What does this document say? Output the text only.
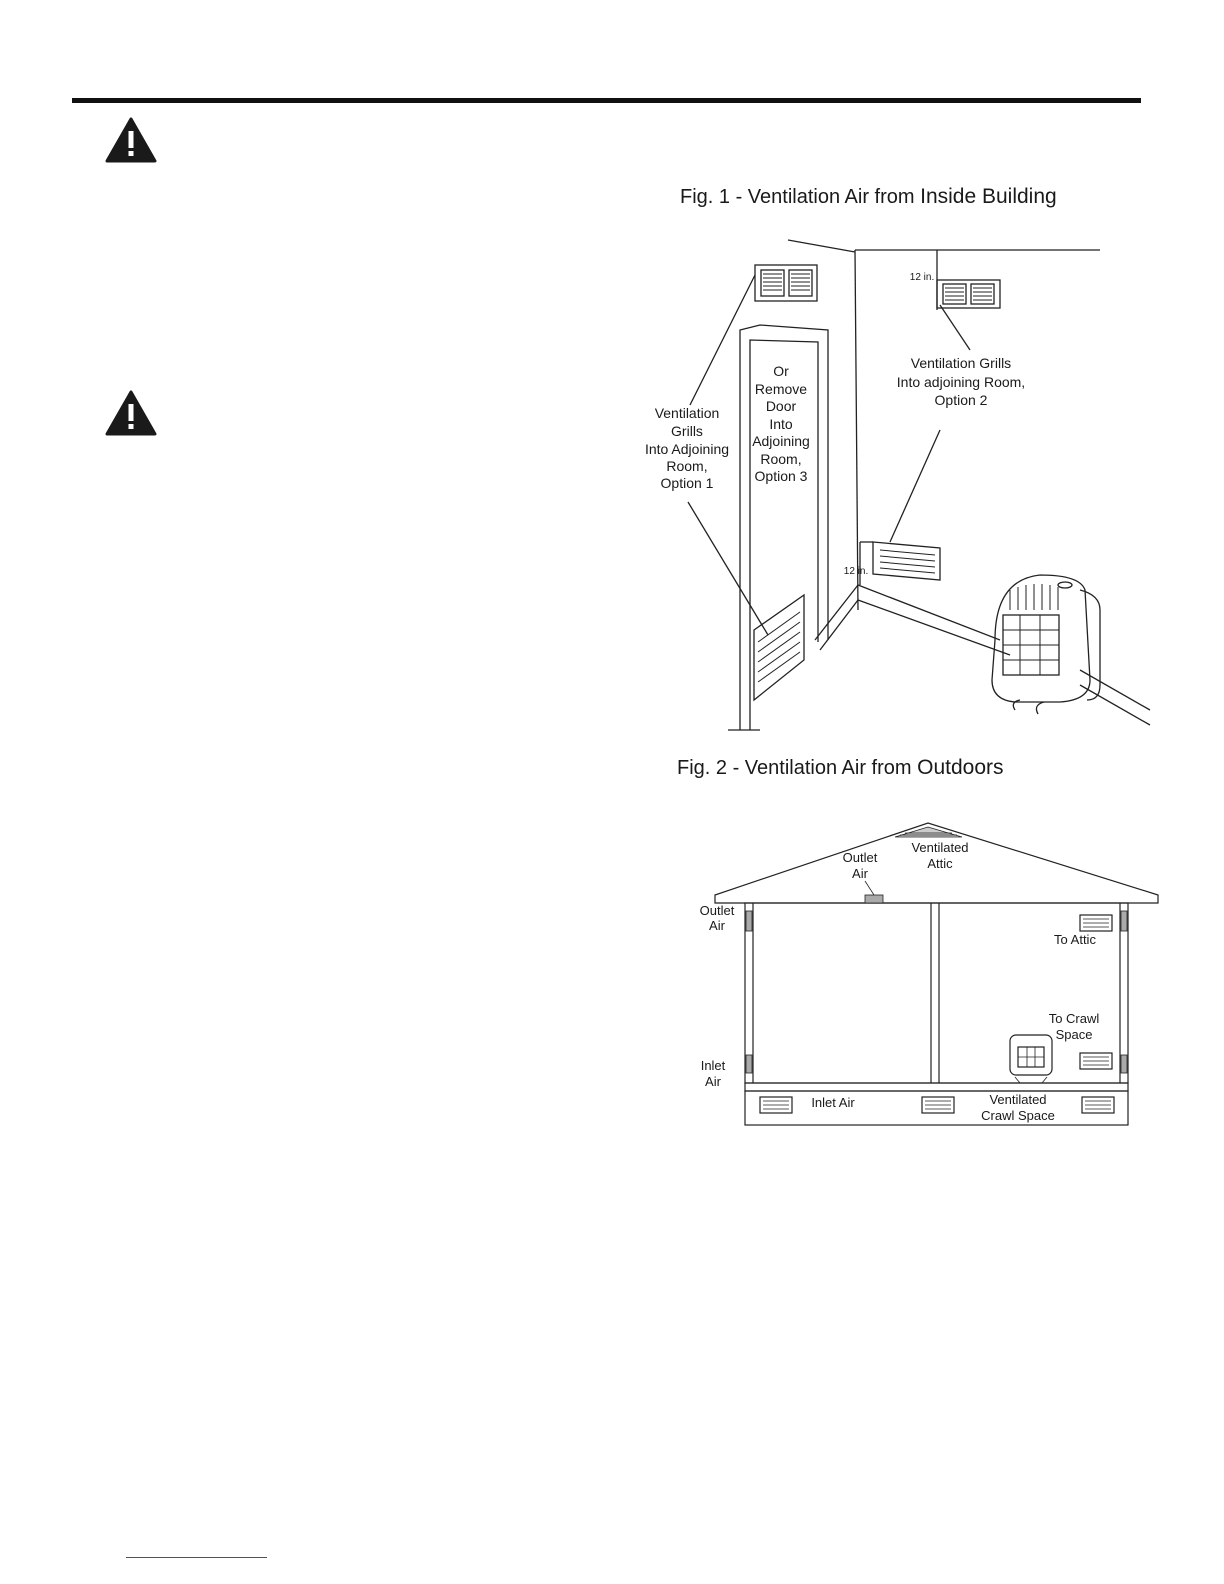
Fig. 1 - Ventilation Air from Inside Building
Ventilation
Grills
Into Adjoining
Room,
Option 1
Or
Remove
Door
Into
Adjoining
Room,
Option 3
Ventilation Grills
Into adjoining Room,
Option 2
12 in.
12 in.
Fig. 2 - Ventilation Air from Outdoors
Ventilated
Attic
Outlet
Air
Outlet
Air
To Attic
To Crawl
Space
Inlet
Air
Inlet Air	Ventilated
Crawl Space
